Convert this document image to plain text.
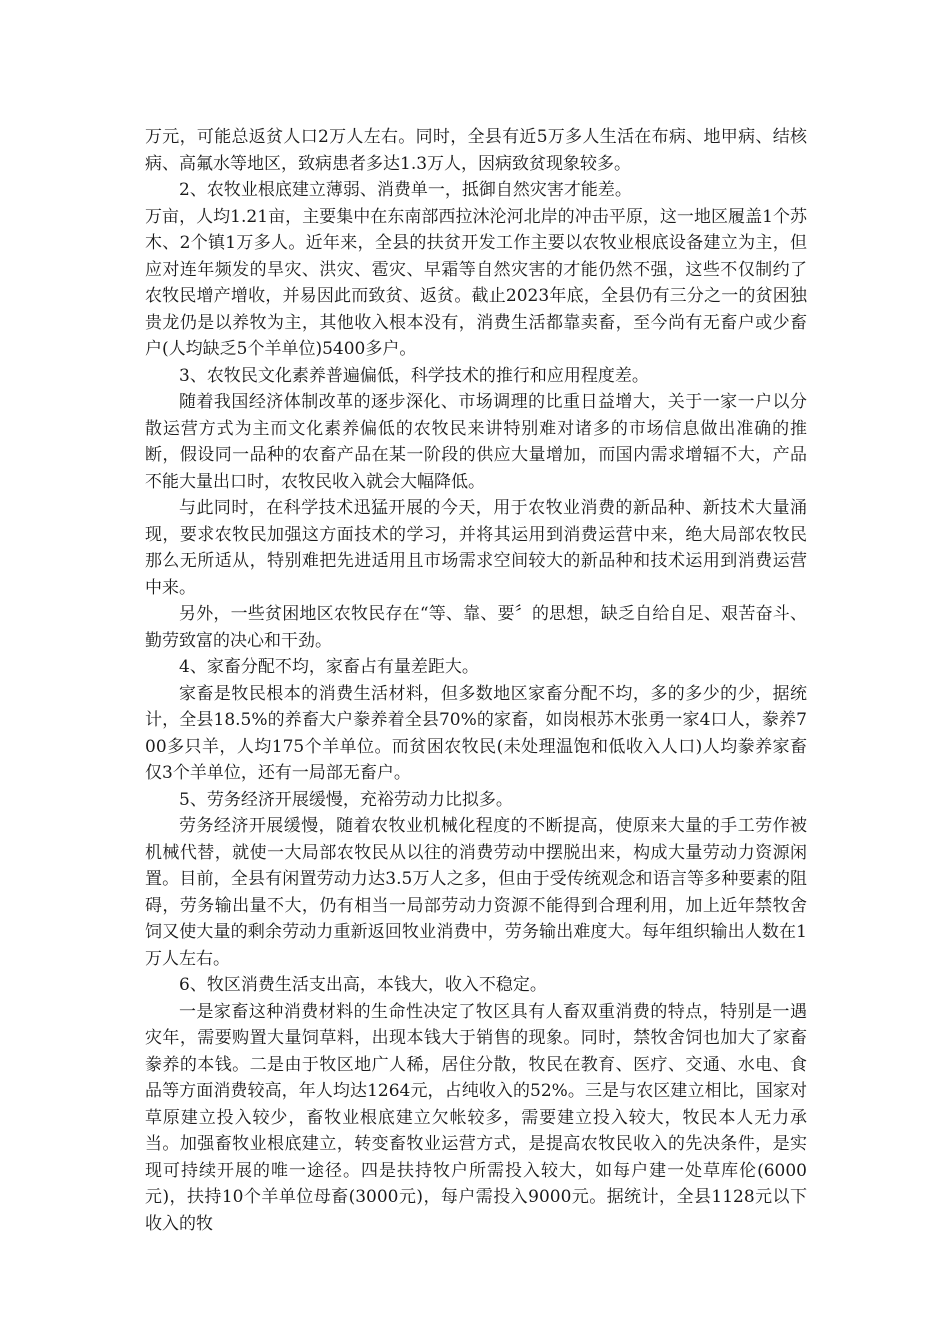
万元，可能总返贫人口2万人左右。同时，全县有近5万多人生活在布病、地甲病、结核病、高氟水等地区，致病患者多达1.3万人，因病致贫现象较多。

2、农牧业根底建立薄弱、消费单一，抵御自然灾害才能差。

万亩，人均1.21亩，主要集中在东南部西拉沐沦河北岸的冲击平原，这一地区履盖1个苏木、2个镇1万多人。近年来，全县的扶贫开发工作主要以农牧业根底设备建立为主，但应对连年频发的旱灾、洪灾、雹灾、早霜等自然灾害的才能仍然不强，这些不仅制约了农牧民增产增收，并易因此而致贫、返贫。截止2023年底，全县仍有三分之一的贫困独贵龙仍是以养牧为主，其他收入根本没有，消费生活都靠卖畜，至今尚有无畜户或少畜户(人均缺乏5个羊单位)5400多户。

3、农牧民文化素养普遍偏低，科学技术的推行和应用程度差。

随着我国经济体制改革的逐步深化、市场调理的比重日益增大，关于一家一户以分散运营方式为主而文化素养偏低的农牧民来讲特别难对诸多的市场信息做出准确的推断，假设同一品种的农畜产品在某一阶段的供应大量增加，而国内需求增辐不大，产品不能大量出口时，农牧民收入就会大幅降低。

与此同时，在科学技术迅猛开展的今天，用于农牧业消费的新品种、新技术大量涌现，要求农牧民加强这方面技术的学习，并将其运用到消费运营中来，绝大局部农牧民那么无所适从，特别难把先进适用且市场需求空间较大的新品种和技术运用到消费运营中来。

另外，一些贫困地区农牧民存在“等、靠、要〞的思想，缺乏自给自足、艰苦奋斗、勤劳致富的决心和干劲。

4、家畜分配不均，家畜占有量差距大。

家畜是牧民根本的消费生活材料，但多数地区家畜分配不均，多的多少的少，据统计，全县18.5%的养畜大户豢养着全县70%的家畜，如岗根苏木张勇一家4口人，豢养700多只羊，人均175个羊单位。而贫困农牧民(未处理温饱和低收入人口)人均豢养家畜仅3个羊单位，还有一局部无畜户。

5、劳务经济开展缓慢，充裕劳动力比拟多。

劳务经济开展缓慢，随着农牧业机械化程度的不断提高，使原来大量的手工劳作被机械代替，就使一大局部农牧民从以往的消费劳动中摆脱出来，构成大量劳动力资源闲置。目前，全县有闲置劳动力达3.5万人之多，但由于受传统观念和语言等多种要素的阻碍，劳务输出量不大，仍有相当一局部劳动力资源不能得到合理利用，加上近年禁牧舍饲又使大量的剩余劳动力重新返回牧业消费中，劳务输出难度大。每年组织输出人数在1万人左右。

6、牧区消费生活支出高，本钱大，收入不稳定。

一是家畜这种消费材料的生命性决定了牧区具有人畜双重消费的特点，特别是一遇灾年，需要购置大量饲草料，出现本钱大于销售的现象。同时，禁牧舍饲也加大了家畜豢养的本钱。二是由于牧区地广人稀，居住分散，牧民在教育、医疗、交通、水电、食品等方面消费较高，年人均达1264元，占纯收入的52%。三是与农区建立相比，国家对草原建立投入较少，畜牧业根底建立欠帐较多，需要建立投入较大，牧民本人无力承当。加强畜牧业根底建立，转变畜牧业运营方式，是提高农牧民收入的先决条件，是实现可持续开展的唯一途径。四是扶持牧户所需投入较大，如每户建一处草库伦(6000元)，扶持10个羊单位母畜(3000元)，每户需投入9000元。据统计，全县1128元以下收入的牧
